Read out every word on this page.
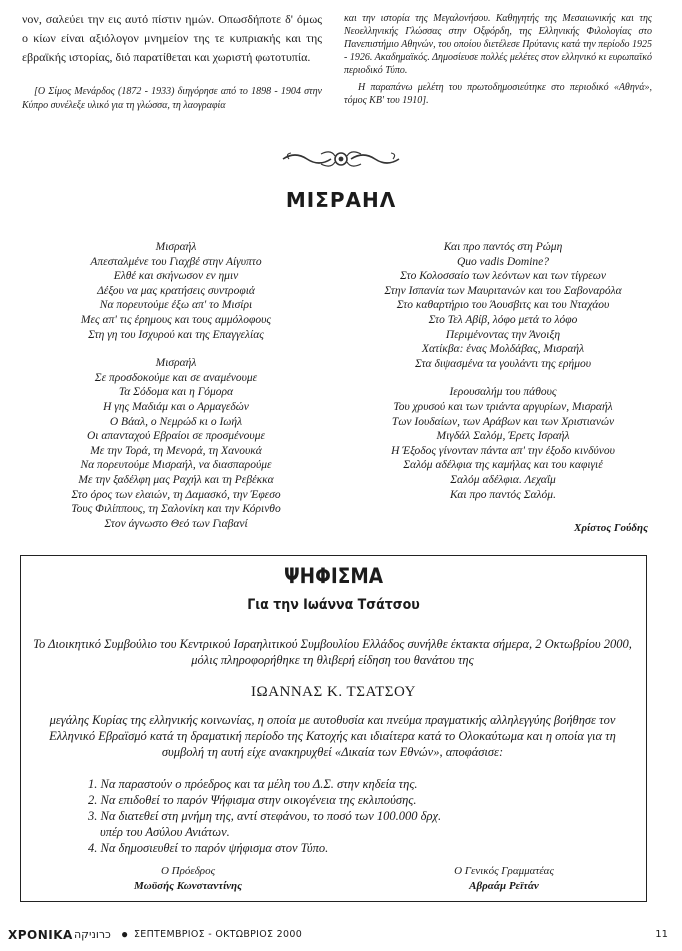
νον, σαλεύει την εις αυτό πίστιν ημών. Οπωσδήποτε δ' όμως ο κίων είναι αξιόλογον μνημείον της τε κυπριακής και της εβραϊκής ιστορίας, διό παρατίθεται και χωριστή φωτοτυπία.

[Ο Σίμος Μενάρδος (1872 - 1933) διηγόρησε από το 1898 - 1904 στην Κύπρο συνέλεξε υλικό για τη γλώσσα, τη λαογραφία

και την ιστορία της Μεγαλονήσου. Καθηγητής της Μεσαιωνικής και της Νεοελληνικής Γλώσσας στην Οξφόρδη, της Ελληνικής Φιλολογίας στο Πανεπιστήμιο Αθηνών, του οποίου διετέλεσε Πρύτανις κατά την περίοδο 1925 - 1926. Ακαδημαϊκός. Δημοσίευσε πολλές μελέτες στον ελληνικό κι ευρωπαϊκό περιοδικό Τύπο.

Η παραπάνω μελέτη του πρωτοδημοσιεύτηκε στο περιοδικό «Αθηνά», τόμος ΚΒ' του 1910].

ΜΙΣΡΑΗΛ
Μισραήλ
Απεσταλμένε του Γιαχβέ στην Αίγυπτο
Ελθέ και σκήνωσον εν ημιν
Δέξου να μας κρατήσεις συντροφιά
Να πορευτούμε έξω απ' το Μισίρι
Μες απ' τις έρημους και τους αμμόλοφους
Στη γη του Ισχυρού και της Επαγγελίας
Μισραήλ
Σε προσδοκούμε και σε αναμένουμε
Τα Σόδομα και η Γόμορα
Η γης Μαδιάμ και ο Αρμαγεδών
Ο Βάαλ, ο Νεμρώδ κι ο Ιωήλ
Οι απανταχού Εβραίοι σε προσμένουμε
Με την Τορά, τη Μενορά, τη Χανουκά
Να πορευτούμε Μισραήλ, να διασπαρούμε
Με την ξαδέλφη μας Ραχήλ και τη Ρεβέκκα
Στο όρος των ελαιών, τη Δαμασκό, την Έφεσο
Τους Φιλίππους, τη Σαλονίκη και την Κόρινθο
Στον άγνωστο Θεό των Γιαβανί
Και προ παντός στη Ρώμη
Quo vadis Domine?
Στο Κολοσσαίο των λεόντων και των τίγρεων
Στην Ισπανία των Μαυριτανών και του Σαβοναρόλα
Στο καθαρτήριο του Άουσβιτς και του Νταχάου
Στο Τελ Αβίβ, λόφο μετά το λόφο
Περιμένοντας την Άνοιξη
Χατίκβα: ένας Μολδάβας, Μισραήλ
Στα διψασμένα τα γουλάντι της ερήμου
Ιερουσαλήμ του πάθους
Του χρυσού και των τριάντα αργυρίων, Μισραήλ
Των Ιουδαίων, των Αράβων και των Χριστιανών
Μιγδάλ Σαλόμ, Έρετς Ισραήλ
Η Έξοδος γίνονταν πάντα απ' την έξοδο κινδύνου
Σαλόμ αδέλφια της καμήλας και του καφιγιέ
Σαλόμ αδέλφια. Λεχαΐμ
Και προ παντός Σαλόμ.
Χρίστος Γούδης
ΨΗΦΙΣΜΑ
Για την Ιωάννα Τσάτσου
Το Διοικητικό Συμβούλιο του Κεντρικού Ισραηλιτικού Συμβουλίου Ελλάδος συνήλθε έκτακτα σήμερα, 2 Οκτωβρίου 2000, μόλις πληροφορήθηκε τη θλιβερή είδηση του θανάτου της
ΙΩΑΝΝΑΣ Κ. ΤΣΑΤΣΟΥ
μεγάλης Κυρίας της ελληνικής κοινωνίας, η οποία με αυτοθυσία και πνεύμα πραγματικής αλληλεγγύης βοήθησε τον Ελληνικό Εβραϊσμό κατά τη δραματική περίοδο της Κατοχής και ιδιαίτερα κατά το Ολοκαύτωμα και η οποία για τη συμβολή τη αυτή είχε ανακηρυχθεί «Δικαία των Εθνών», αποφάσισε:
1. Να παραστούν ο πρόεδρος και τα μέλη του Δ.Σ. στην κηδεία της.
2. Να επιδοθεί το παρόν Ψήφισμα στην οικογένεια της εκλιπούσης.
3. Να διατεθεί στη μνήμη της, αντί στεφάνου, το ποσό των 100.000 δρχ.
υπέρ του Ασύλου Ανιάτων.
4. Να δημοσιευθεί το παρόν ψήφισμα στον Τύπο.
Ο Πρόεδρος
Μωϋσής Κωνσταντίνης
Ο Γενικός Γραμματέας
Αβραάμ Ρεϊτάν
ΧΡΟΝΙΚΑ כרוניקה ● ΣΕΠΤΕΜΒΡΙΟΣ - ΟΚΤΩΒΡΙΟΣ 2000	11
